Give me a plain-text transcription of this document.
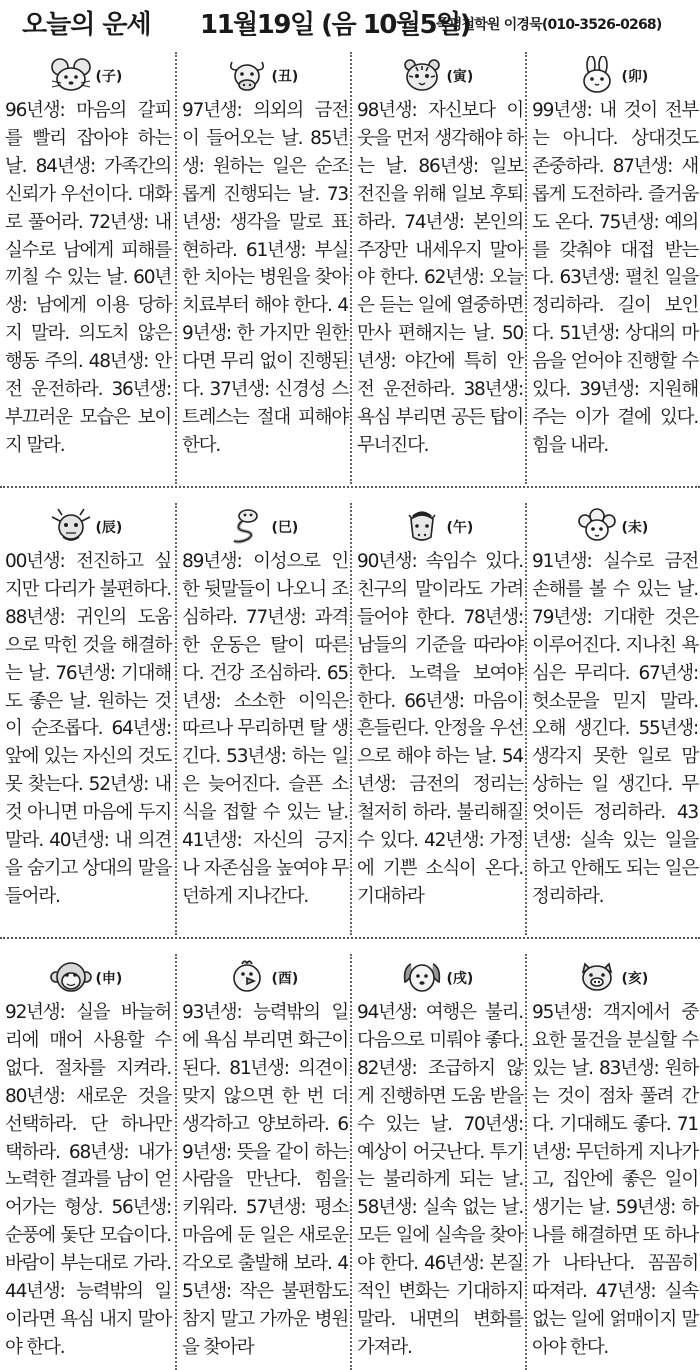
오늘의 운세 11월19일 (음 10월5일)
죽평철학원 이경묵(010-3526-0268)
(子)

96년생: 마음의 갈피를 빨리 잡아야 하는 날. 84년생: 가족간의 신뢰가 우선이다. 대화로 풀어라. 72년생: 내 실수로 남에게 피해를 끼칠 수 있는 날. 60년생: 남에게 이용 당하지 말라. 의도치 않은 행동 주의. 48년생: 안전 운전하라. 36년생: 부끄러운 모습은 보이지 말라.

(丑)

97년생: 의외의 금전이 들어오는 날. 85년생: 원하는 일은 순조롭게 진행되는 날. 73년생: 생각을 말로 표현하라. 61년생: 부실한 치아는 병원을 찾아 치료부터 해야 한다. 49년생: 한 가지만 원한다면 무리 없이 진행된다. 37년생: 신경성 스트레스는 절대 피해야 한다.

(寅)

98년생: 자신보다 이웃을 먼저 생각해야 하는 날. 86년생: 일보 전진을 위해 일보 후퇴하라. 74년생: 본인의 주장만 내세우지 말아야 한다. 62년생: 오늘은 듣는 일에 열중하면 만사 편해지는 날. 50년생: 야간에 특히 안전 운전하라. 38년생: 욕심 부리면 공든 탑이 무너진다.

(卯)

99년생: 내 것이 전부는 아니다. 상대것도 존중하라. 87년생: 새롭게 도전하라. 즐거움도 온다. 75년생: 예의를 갖춰야 대접 받는다. 63년생: 펼친 일을 정리하라. 길이 보인다. 51년생: 상대의 마음을 얻어야 진행할 수 있다. 39년생: 지원해 주는 이가 곁에 있다. 힘을 내라.

(辰)

00년생: 전진하고 싶지만 다리가 불편하다. 88년생: 귀인의 도움으로 막힌 것을 해결하는 날. 76년생: 기대해도 좋은 날. 원하는 것이 순조롭다. 64년생: 앞에 있는 자신의 것도 못 찾는다. 52년생: 내 것 아니면 마음에 두지 말라. 40년생: 내 의견을 숨기고 상대의 말을 들어라.

(巳)

89년생: 이성으로 인한 뒷말들이 나오니 조심하라. 77년생: 과격한 운동은 탈이 따른다. 건강 조심하라. 65년생: 소소한 이익은 따르나 무리하면 탈 생긴다. 53년생: 하는 일은 늦어진다. 슬픈 소식을 접할 수 있는 날. 41년생: 자신의 긍지나 자존심을 높여야 무던하게 지나간다.

(午)

90년생: 속임수 있다. 친구의 말이라도 가려 들어야 한다. 78년생: 남들의 기준을 따라야 한다. 노력을 보여야 한다. 66년생: 마음이 흔들린다. 안정을 우선으로 해야 하는 날. 54년생: 금전의 정리는 철저히 하라. 불리해질 수 있다. 42년생: 가정에 기쁜 소식이 온다. 기대하라

(未)

91년생: 실수로 금전 손해를 볼 수 있는 날. 79년생: 기대한 것은 이루어진다. 지나친 욕심은 무리다. 67년생: 헛소문을 믿지 말라. 오해 생긴다. 55년생: 생각지 못한 일로 맘 상하는 일 생긴다. 무엇이든 정리하라. 43년생: 실속 있는 일을 하고 안해도 되는 일은 정리하라.

(申)

92년생: 실을 바늘허리에 매어 사용할 수 없다. 절차를 지켜라. 80년생: 새로운 것을 선택하라. 단 하나만 택하라. 68년생: 내가 노력한 결과를 남이 얻어가는 형상. 56년생: 순풍에 돛단 모습이다. 바람이 부는대로 가라. 44년생: 능력밖의 일이라면 욕심 내지 말아야 한다.

(酉)

93년생: 능력밖의 일에 욕심 부리면 화근이 된다. 81년생: 의견이 맞지 않으면 한 번 더 생각하고 양보하라. 69년생: 뜻을 같이 하는 사람을 만난다. 힘을 키워라. 57년생: 평소 마음에 둔 일은 새로운 각오로 출발해 보라. 45년생: 작은 불편함도 참지 말고 가까운 병원을 찾아라

(戌)

94년생: 여행은 불리. 다음으로 미뤄야 좋다. 82년생: 조급하지 않게 진행하면 도움 받을 수 있는 날. 70년생: 예상이 어긋난다. 투기는 불리하게 되는 날. 58년생: 실속 없는 날. 모든 일에 실속을 찾아야 한다. 46년생: 본질적인 변화는 기대하지 말라. 내면의 변화를 가져라.

(亥)

95년생: 객지에서 중요한 물건을 분실할 수 있는 날. 83년생: 원하는 것이 점차 풀려 간다. 기대해도 좋다. 71년생: 무던하게 지나가고, 집안에 좋은 일이 생기는 날. 59년생: 하나를 해결하면 또 하나가 나타난다. 꼼꼼히 따져라. 47년생: 실속 없는 일에 얽매이지 말아야 한다.
